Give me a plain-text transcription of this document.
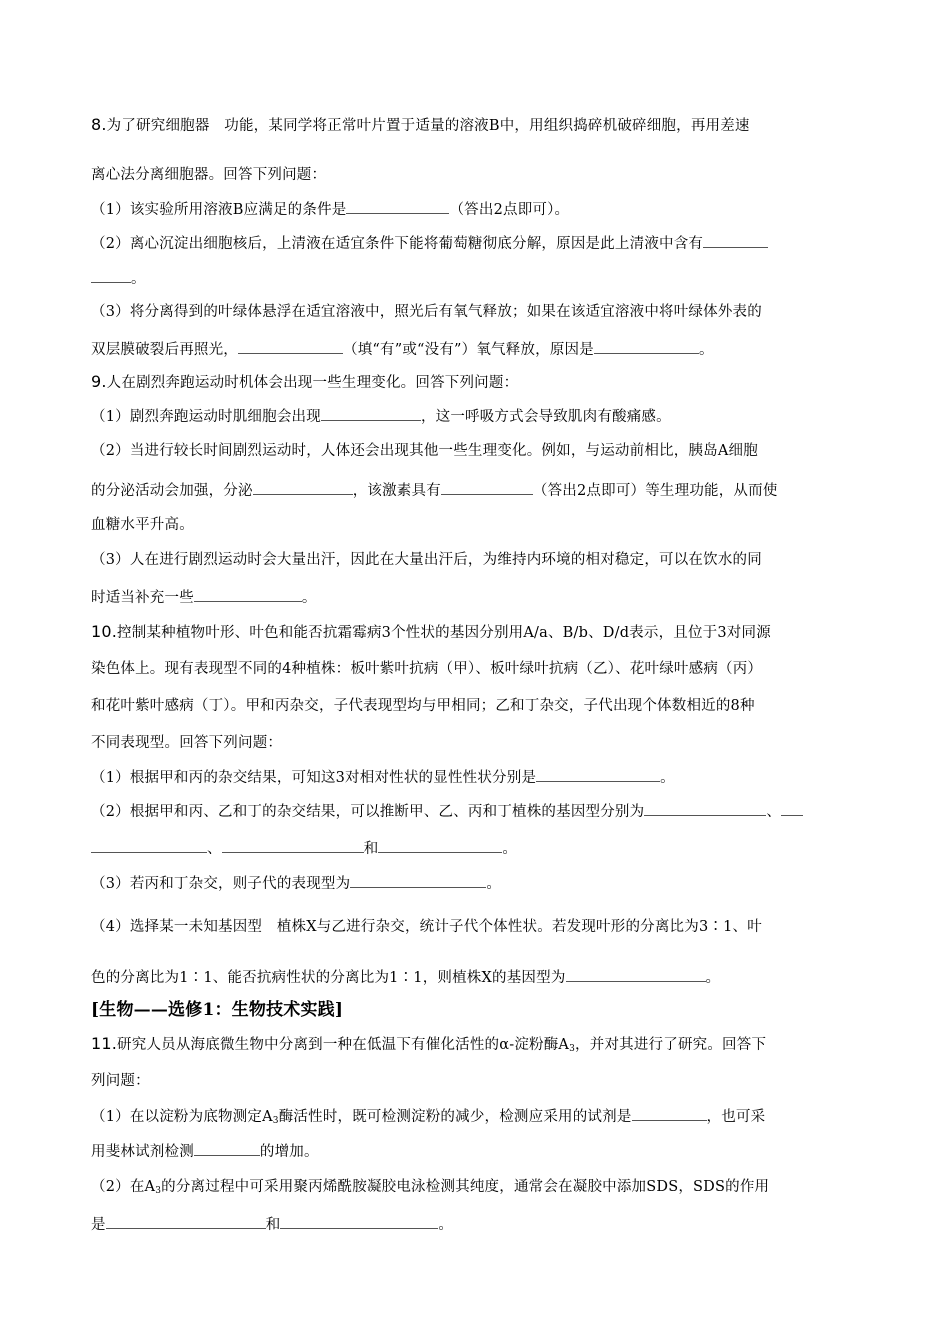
8.为了研究细胞器　功能，某同学将正常叶片置于适量的溶液B中，用组织捣碎机破碎细胞，再用差速
离心法分离细胞器。回答下列问题：
（1）该实验所用溶液B应满足的条件是	（答出2点即可）。
（2）离心沉淀出细胞核后，上清液在适宜条件下能将葡萄糖彻底分解，原因是此上清液中含有
。
（3）将分离得到的叶绿体悬浮在适宜溶液中，照光后有氧气释放；如果在该适宜溶液中将叶绿体外表的
双层膜破裂后再照光，	（填“有”或“没有”）氧气释放，原因是	。
9.人在剧烈奔跑运动时机体会出现一些生理变化。回答下列问题：
（1）剧烈奔跑运动时肌细胞会出现	，这一呼吸方式会导致肌肉有酸痛感。
（2）当进行较长时间剧烈运动时，人体还会出现其他一些生理变化。例如，与运动前相比，胰岛A细胞
的分泌活动会加强，分泌	，该激素具有	（答出2点即可）等生理功能，从而使
血糖水平升高。
（3）人在进行剧烈运动时会大量出汗，因此在大量出汗后，为维持内环境的相对稳定，可以在饮水的同
时适当补充一些	。
10.控制某种植物叶形、叶色和能否抗霜霉病3个性状的基因分别用A/a、B/b、D/d表示，且位于3对同源
染色体上。现有表现型不同的4种植株：板叶紫叶抗病（甲）、板叶绿叶抗病（乙）、花叶绿叶感病（丙）
和花叶紫叶感病（丁）。甲和丙杂交，子代表现型均与甲相同；乙和丁杂交，子代出现个体数相近的8种
不同表现型。回答下列问题：
（1）根据甲和丙的杂交结果，可知这3对相对性状的显性性状分别是	。
（2）根据甲和丙、乙和丁的杂交结果，可以推断甲、乙、丙和丁植株的基因型分别为	、
、	和	。
（3）若丙和丁杂交，则子代的表现型为	。
（4）选择某一未知基因型　植株X与乙进行杂交，统计子代个体性状。若发现叶形的分离比为3∶1、叶
色的分离比为1∶1、能否抗病性状的分离比为1∶1，则植株X的基因型为	。
[生物——选修1：生物技术实践]
11.研究人员从海底微生物中分离到一种在低温下有催化活性的α-淀粉酶$A_3$，并对其进行了研究。回答下
列问题：
（1）在以淀粉为底物测定$A_3$酶活性时，既可检测淀粉的减少，检测应采用的试剂是	，也可采
用斐林试剂检测	的增加。
（2）在$A_3$的分离过程中可采用聚丙烯酰胺凝胶电泳检测其纯度，通常会在凝胶中添加SDS，SDS的作用
是	和	。
